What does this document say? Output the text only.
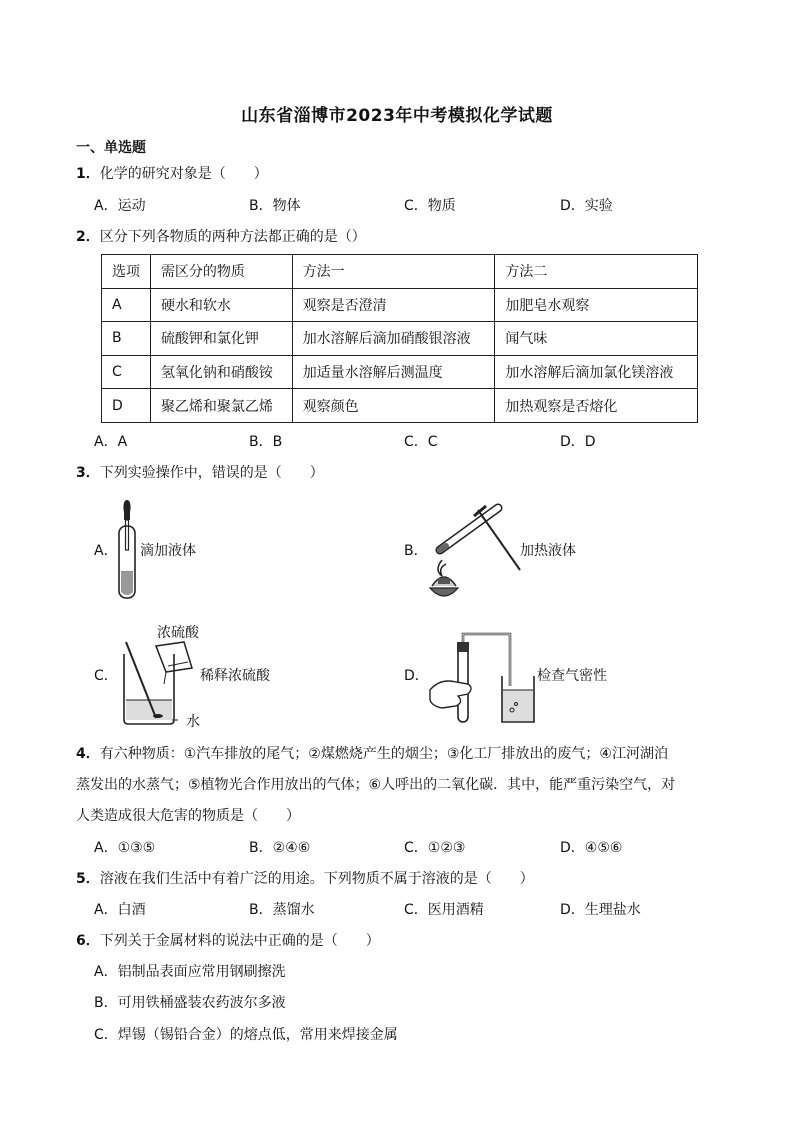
山东省淄博市2023年中考模拟化学试题
一、单选题
1．化学的研究对象是（　　）
A．运动	B．物体	C．物质	D．实验
2．区分下列各物质的两种方法都正确的是（）
选项	需区分的物质	方法一	方法二
A	硬水和软水	观察是否澄清	加肥皂水观察
B	硫酸钾和氯化钾	加水溶解后滴加硝酸银溶液	闻气味
C	氢氧化钠和硝酸铵	加适量水溶解后测温度	加水溶解后滴加氯化镁溶液
D	聚乙烯和聚氯乙烯	观察颜色	加热观察是否熔化
A．A	B．B	C．C	D．D
3．下列实验操作中，错误的是（　　）
A． 滴加液体	B．	加热液体
C．
浓硫酸
稀释浓硫酸
水
D．	检查气密性
4．有六种物质：①汽车排放的尾气；②煤燃烧产生的烟尘；③化工厂排放出的废气；④江河湖泊
蒸发出的水蒸气；⑤植物光合作用放出的气体；⑥人呼出的二氧化碳．其中，能严重污染空气，对
人类造成很大危害的物质是（　　）
A．①③⑤	B．②④⑥	C．①②③	D．④⑤⑥
5．溶液在我们生活中有着广泛的用途。下列物质不属于溶液的是（　　）
A．白酒	B．蒸馏水	C．医用酒精	D．生理盐水
6．下列关于金属材料的说法中正确的是（　　）
A．铝制品表面应常用钢刷擦洗
B．可用铁桶盛装农药波尔多液
C．焊锡（锡铅合金）的熔点低，常用来焊接金属
